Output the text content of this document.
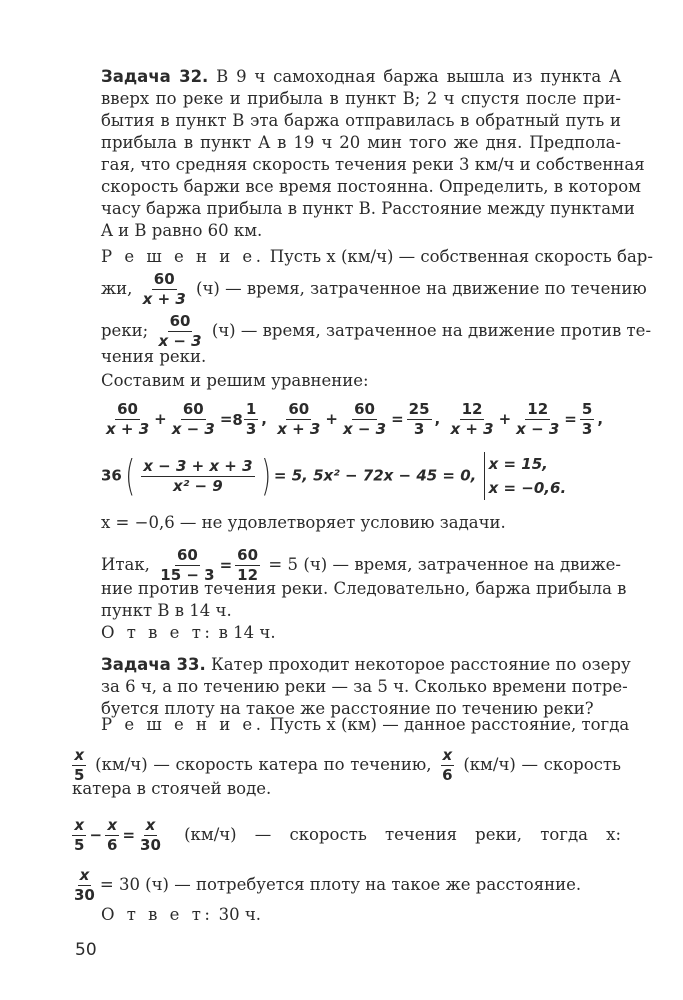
Задача 32. В 9 ч самоходная баржа вышла из пункта A
вверх по реке и прибыла в пункт B; 2 ч спустя после при-
бытия в пункт B эта баржа отправилась в обратный путь и
прибыла в пункт A в 19 ч 20 мин того же дня. Предпола-
гая, что средняя скорость течения реки 3 км/ч и собственная
скорость баржи все время постоянна. Определить, в котором
часу баржа прибыла в пункт B. Расстояние между пунктами
A и B равно 60 км.
Р е ш е н и е. Пусть x (км/ч) — собственная скорость бар-
жи, $\frac{60}{x + 3} (ч)$ — время, затраченное на движение по течению
реки; $\frac{60}{x - 3} (ч)$ — время, затраченное на движение против те-
чения реки.
Составим и решим уравнение:
$\frac{60}{x + 3} + \frac{60}{x - 3} = 8 \frac{1}{3}$ , $\frac{60}{x + 3} + \frac{60}{x - 3} = \frac{25}{3}$ , $\frac{12}{x + 3} + \frac{12}{x - 3} = \frac{5}{3}$ ,
36 ( $\frac{x - 3 + x + 3}{\text{x² − 9}}$ ) = 5, 5x² − 72x − 45 = 0,
x = 15,
x = −0,6.
x = −0,6 — не удовлетворяет условию задачи.
Итак, $\frac{60}{15 - 3} = \frac{60}{12} = 5$ (ч) — время, затраченное на движе-
ние против течения реки. Следовательно, баржа прибыла в
пункт B в 14 ч.
О т в е т: в 14 ч.
Задача 33. Катер проходит некоторое расстояние по озеру
за 6 ч, а по течению реки — за 5 ч. Сколько времени потре-
буется плоту на такое же расстояние по течению реки?
Р е ш е н и е. Пусть x (км) — данное расстояние, тогда
$\frac{x}{5} (км/ч)$ — скорость катера по течению, $\frac{x}{6} (км/ч)$ — скорость
катера в стоячей воде.
$\frac{x}{5} - \frac{x}{6} = \frac{x}{30} (км/ч)$ — скорость течения реки, тогда x:
$\frac{x}{30} = 30$ (ч) — потребуется плоту на такое же расстояние.
О т в е т: 30 ч.
50
